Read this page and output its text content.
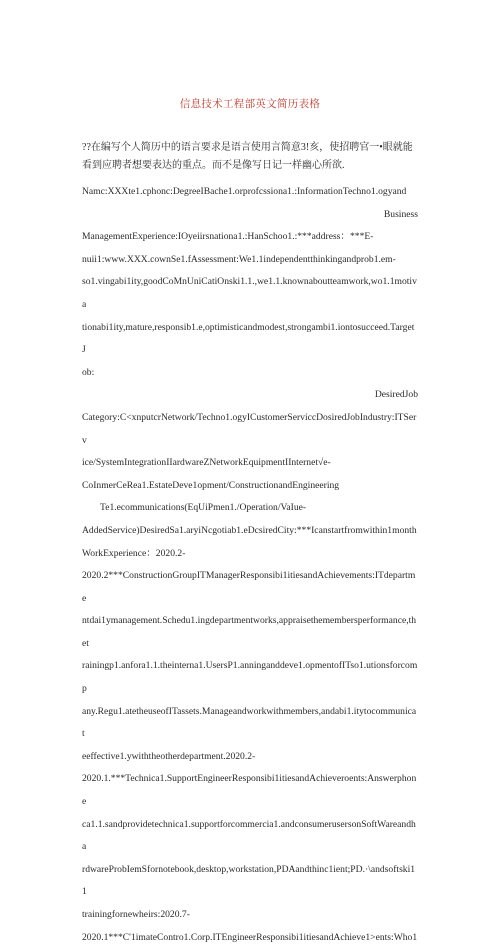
信息技术工程部英文简历表格

??在编写个人简历中的语言要求是语言使用言简意3!亥，使招聘官一•眼就能看到应聘者想要表达的重点。而不是像写日记一样幽心所欲.

Namc:XXXte1.cphonc:DegreeIBache1.orprofcssiona1.:InformationTechno1.ogyand
Business
ManagementExperience:IOyeiirsnationa1.:HanSchoo1.:***address：***E-
nuii1:www.XXX.cownSe1.fAssessment:We1.1independentthinkingandprob1.em-
so1.vingabi1ity,goodCoMnUniCatiOnski1.1.,we1.1.knownaboutteamwork,wo1.1motiva
tionabi1ity,mature,responsib1.e,optimisticandmodest,strongambi1.iontosucceed.TargetJ
ob:
DesiredJob
Category:C<xnputcrNetwork/Techno1.ogyICustomerServiccDosiredJobIndustry:ITServ
ice/SystemIntegrationIIardwareZNetworkEquipmentIInternet√e-
CoInmerCeRea1.EstateDeve1opment/ConstructionandEngineering
Te1.ecommunications(EqUiPmen1./Operation/VaIue-
AddedService)DesiredSa1.aryiNcgotiab1.eDcsiredCity:***Icanstartfromwithin1month
WorkExperience：2020.2-
2020.2***ConstructionGroupITManagerResponsibi1itiesandAchievements:ITdepartme
ntdai1ymanagement.Schedu1.ingdepartmentworks,appraisethemembersperformance,thet
rainingp1.anfora1.1.theinterna1.UsersP1.anninganddeve1.opmentofITso1.utionsforcomp
any.Regu1.atetheuseofITassets.Manageandworkwithmembers,andabi1.itytocommunicat
eeffective1.ywiththeotherdepartment.2020.2-
2020.1.***Technica1.SupportEngineerResponsibi1itiesandAchieveroents:Answerphone
ca1.1.sandprovidetechnica1.supportforcommercia1.andconsumerusersonSoftWareandha
rdwareProbIemSfornotebook,desktop,workstation,PDAandthinc1ient;PD.·\andsoftski11
trainingfornewheirs:2020.7-
2020.1***C'1imateContro1.Corp.ITEngineerResponsibi1itiesandAchieve1>ents:Who1
